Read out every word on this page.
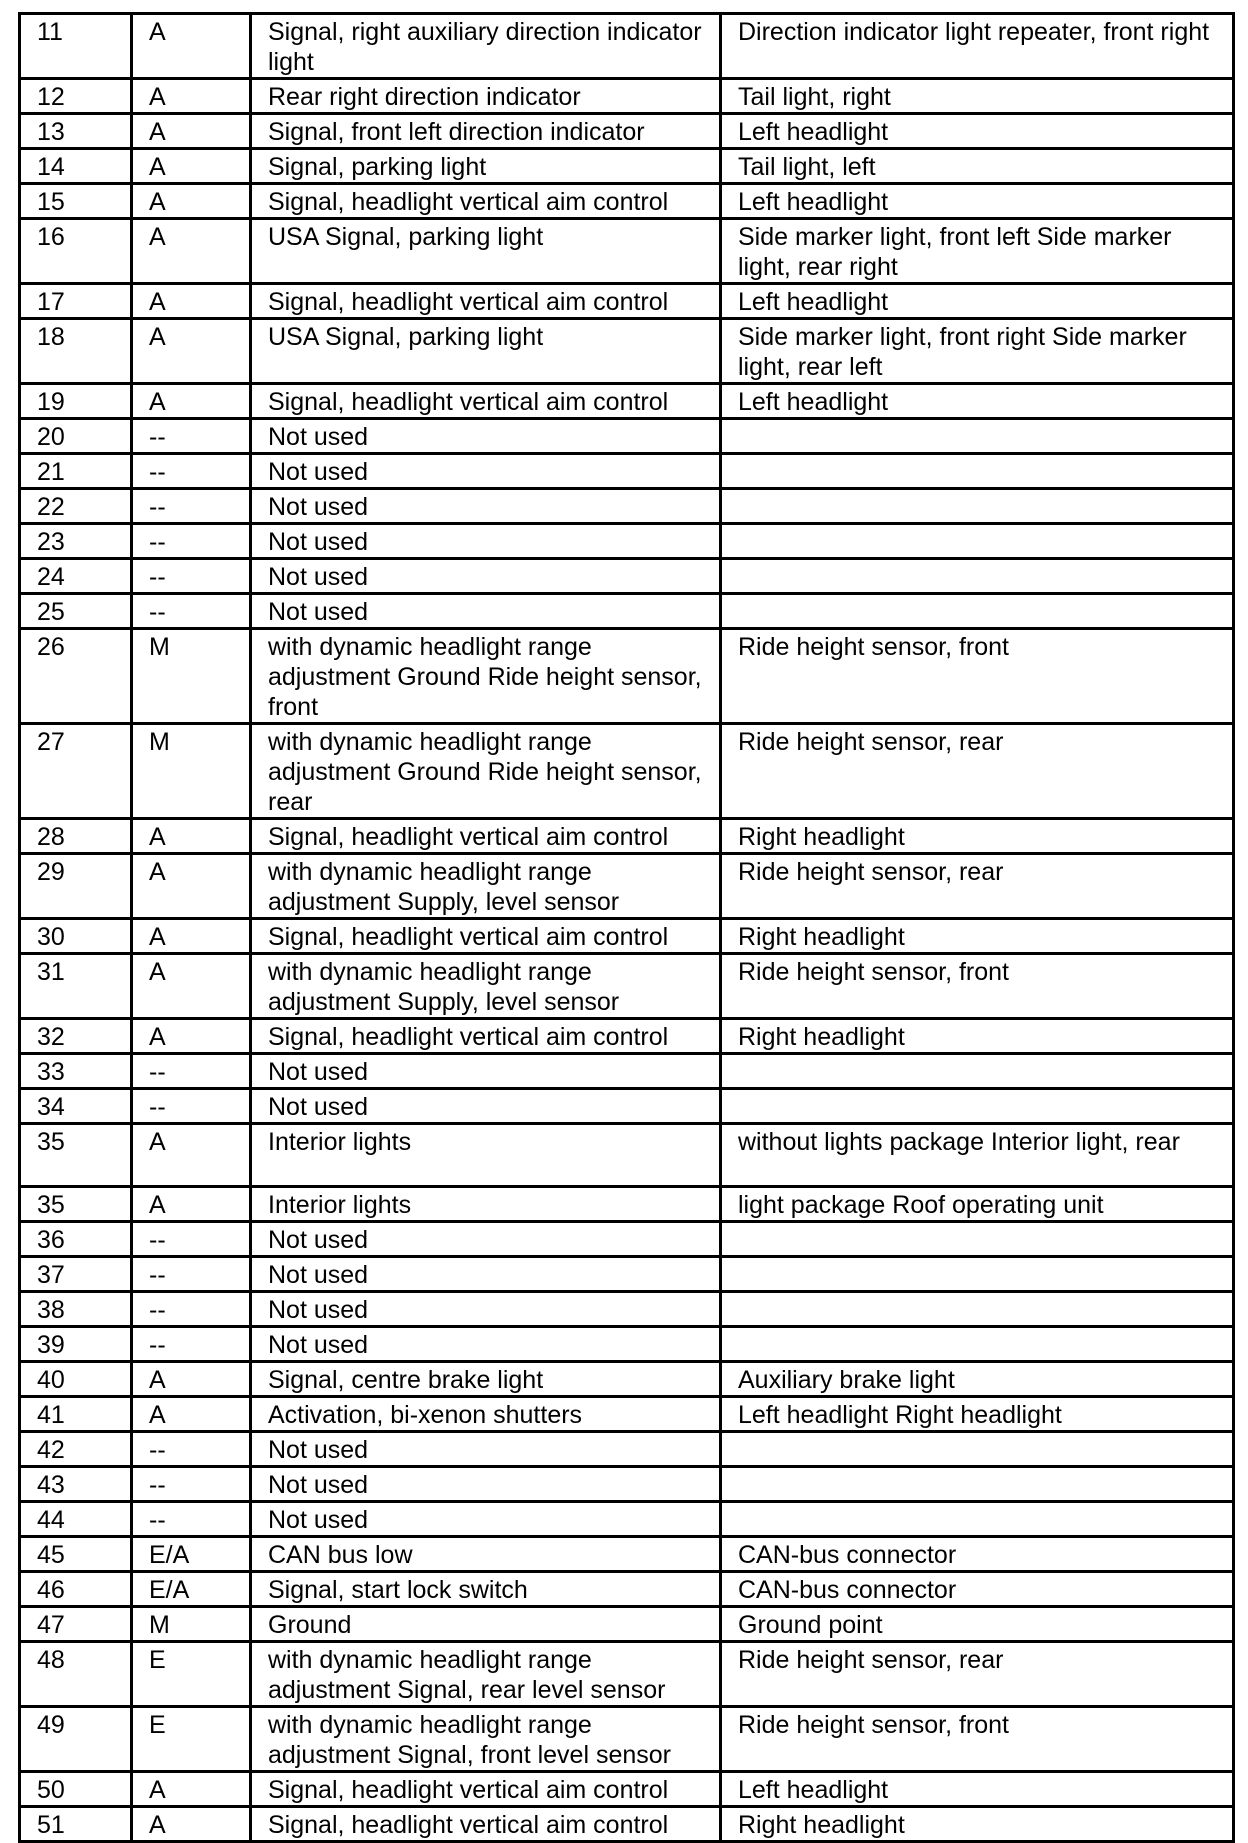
11	A	Signal, right auxiliary direction indicator light	Direction indicator light repeater, front right
12	A	Rear right direction indicator	Tail light, right
13	A	Signal, front left direction indicator	Left headlight
14	A	Signal, parking light	Tail light, left
15	A	Signal, headlight vertical aim control	Left headlight
16	A	USA Signal, parking light	Side marker light, front left Side marker light, rear right
17	A	Signal, headlight vertical aim control	Left headlight
18	A	USA Signal, parking light	Side marker light, front right Side marker light, rear left
19	A	Signal, headlight vertical aim control	Left headlight
20	--	Not used	
21	--	Not used	
22	--	Not used	
23	--	Not used	
24	--	Not used	
25	--	Not used	
26	M	with dynamic headlight range adjustment Ground Ride height sensor, front	Ride height sensor, front
27	M	with dynamic headlight range adjustment Ground Ride height sensor, rear	Ride height sensor, rear
28	A	Signal, headlight vertical aim control	Right headlight
29	A	with dynamic headlight range adjustment Supply, level sensor	Ride height sensor, rear
30	A	Signal, headlight vertical aim control	Right headlight
31	A	with dynamic headlight range adjustment Supply, level sensor	Ride height sensor, front
32	A	Signal, headlight vertical aim control	Right headlight
33	--	Not used	
34	--	Not used	
35	A	Interior lights	without lights package Interior light, rear
35	A	Interior lights	light package Roof operating unit
36	--	Not used	
37	--	Not used	
38	--	Not used	
39	--	Not used	
40	A	Signal, centre brake light	Auxiliary brake light
41	A	Activation, bi-xenon shutters	Left headlight Right headlight
42	--	Not used	
43	--	Not used	
44	--	Not used	
45	E/A	CAN bus low	CAN-bus connector
46	E/A	Signal, start lock switch	CAN-bus connector
47	M	Ground	Ground point
48	E	with dynamic headlight range adjustment Signal, rear level sensor	Ride height sensor, rear
49	E	with dynamic headlight range adjustment Signal, front level sensor	Ride height sensor, front
50	A	Signal, headlight vertical aim control	Left headlight
51	A	Signal, headlight vertical aim control	Right headlight
